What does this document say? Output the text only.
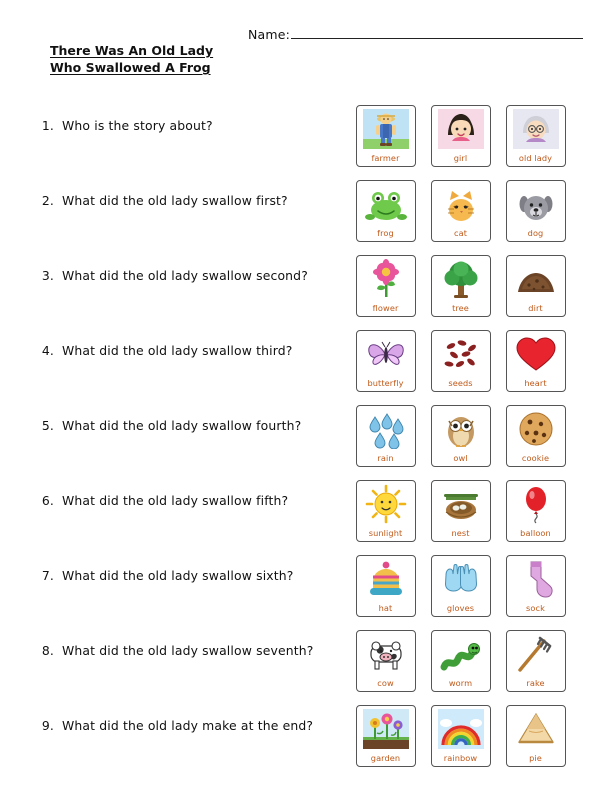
Name:
There Was An Old Lady
Who Swallowed A Frog
1. Who is the story about?
2. What did the old lady swallow first?
3. What did the old lady swallow second?
4. What did the old lady swallow third?
5. What did the old lady swallow fourth?
6. What did the old lady swallow fifth?
7. What did the old lady swallow sixth?
8. What did the old lady swallow seventh?
9. What did the old lady make at the end?
farmer	girl	old lady
frog	cat	dog
flower	tree	dirt
butterfly	seeds	heart
rain	owl	cookie
sunlight	nest	balloon
hat	gloves	sock
cow	worm	rake
garden	rainbow	pie
